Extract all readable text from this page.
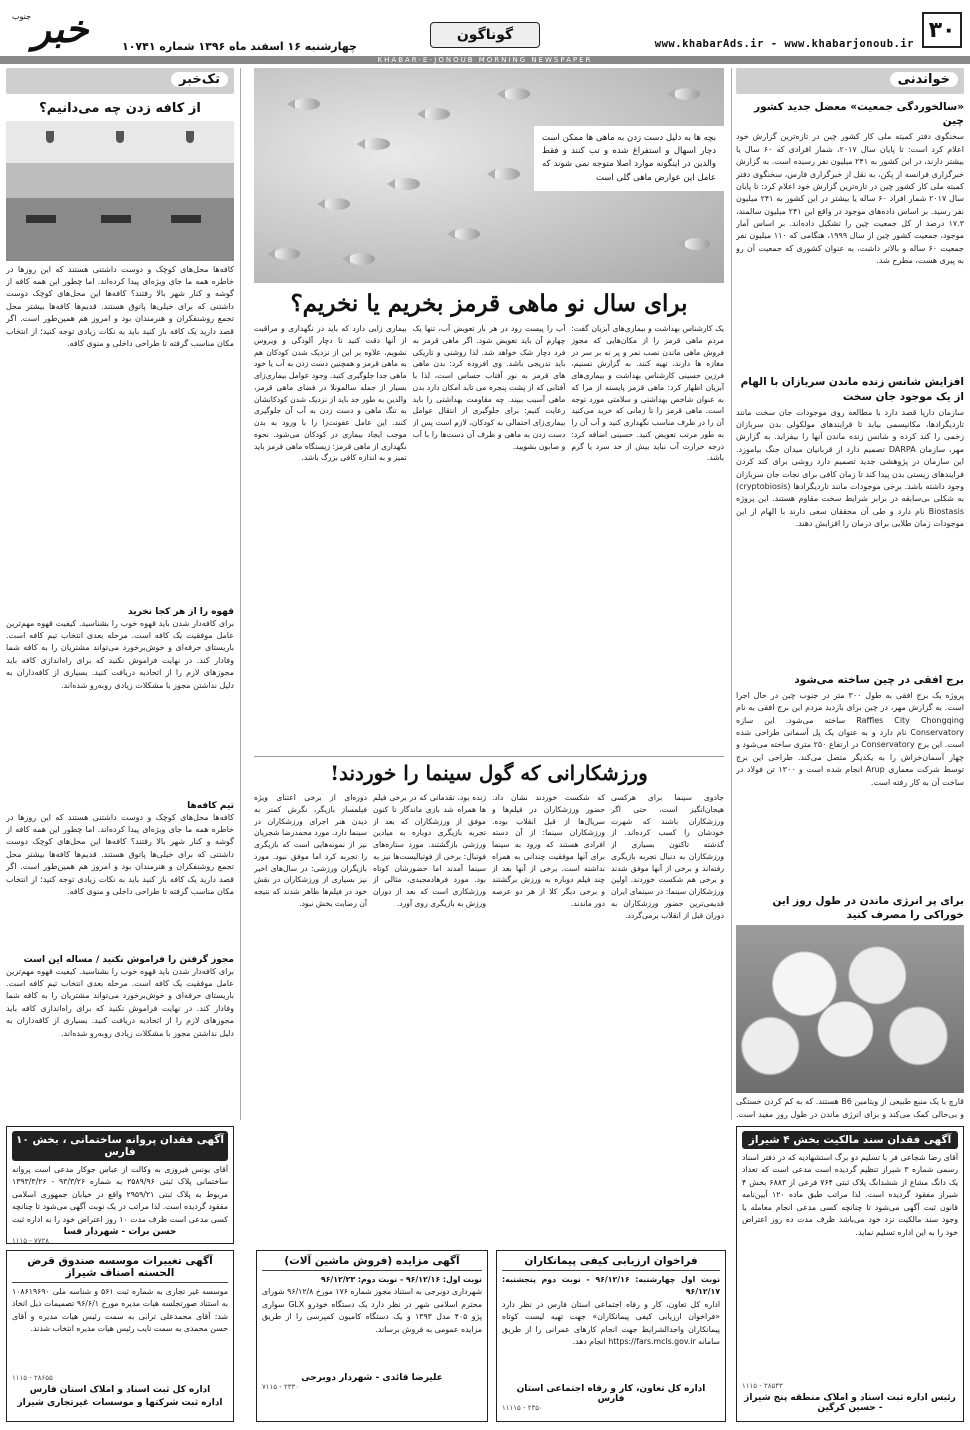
۳۰
www.khabarAds.ir - www.khabarjonoub.ir
گوناگون
چهارشنبه ۱۶ اسفند ماه ۱۳۹۶ شماره ۱۰۷۴۱
خبر
جنوب
KHABAR-E-JONOUB MORNING NEWSPAPER
خواندنی
«سالخوردگی جمعیت» معضل جدید کشور چین
سخنگوی دفتر کمیته ملی کار کشور چین در تازه‌ترین گزارش خود اعلام کرد است: تا پایان سال ۲۰۱۷، شمار افرادی که ۶۰ سال یا بیشتر دارند، در این کشور به ۲۴۱ میلیون نفر رسیده است. به گزارش خبرگزاری فرانسه از پکن، به نقل از خبرگزاری فارس، سخنگوی دفتر کمیته ملی کار کشور چین در تازه‌ترین گزارش خود اعلام کرد: تا پایان سال ۲۰۱۷ شمار افراد ۶۰ ساله یا بیشتر در این کشور به ۲۴۱ میلیون نفر رسید. بر اساس داده‌های موجود در واقع این ۲۴۱ میلیون سالمند، ۱۷.۳ درصد از کل جمعیت چین را تشکیل داده‌اند. بر اساس آمار موجود، جمعیت کشور چین از سال ۱۹۹۹، هنگامی که ۱۱۰ میلیون نفر جمعیت ۶۰ ساله و بالاتر داشت، به عنوان کشوری که جمعیت آن رو به پیری هست، مطرح شد.
افزایش شانس زنده ماندن سربازان با الهام از یک موجود جان سخت
سازمان دارپا قصد دارد با مطالعه روی موجودات جان سخت مانند تاردیگرادها، مکانیسمی بیابد تا فرایندهای مولکولی بدن سربازان زخمی را کند کرده و شانس زنده ماندن آنها را بیفزاید. به گزارش مهر، سازمان DARPA تصمیم دارد از قربانیان میدان جنگ بیاموزد. این سازمان در پژوهشی جدید تصمیم دارد روشی برای کند کردن فرایندهای زیستی بدن پیدا کند تا زمان کافی برای نجات جان سربازان وجود داشته باشد. برخی موجودات مانند تاردیگرادها (cryptobiosis) به شکلی بی‌سابقه در برابر شرایط سخت مقاوم هستند. این پروژه Biostasis نام دارد و طی آن محققان سعی دارند با الهام از این موجودات زمان طلایی برای درمان را افزایش دهند.
برج افقی در چین ساخته می‌شود
پروژه یک برج افقی به طول ۳۰۰ متر در جنوب چین در حال اجرا است. به گزارش مهر، در چین برای بازدید مردم این برج افقی به نام Raffles City Chongqing ساخته می‌شود. این سازه Conservatory نام دارد و به عنوان یک پل آسمانی طراحی شده است. این برج Conservatory در ارتفاع ۲۵۰ متری ساخته می‌شود و چهار آسمان‌خراش را به یکدیگر متصل می‌کند. طراحی این برج توسط شرکت معماری Arup انجام شده است و ۱۳۰۰ تن فولاد در ساخت آن به کار رفته است.
برای پر انرژی ماندن در طول روز این خوراکی را مصرف کنید
قارچ با یک منبع طبیعی از ویتامین B6 هستند. که به کم کردن خستگی و بی‌حالی کمک می‌کند و برای انرژی ماندن در طول روز مفید است.
بچه ها به دلیل دست زدن به ماهی ها ممکن است دچار اسهال و استفراغ شده و تب کنند و فقط والدین در اینگونه موارد اصلا متوجه نمی شوند که عامل این عوارض ماهی گلی است
برای سال نو ماهی قرمز بخریم یا نخریم؟
یک کارشناس بهداشت و بیماری‌های آبزیان گفت: مردم ماهی قرمز را از مکان‌هایی که مجوز فروش ماهی ماندن نصب نمر و پر نه بر سر در مغازه ها دارند، تهیه کنند. به گزارش تسنیم، فرزین حسینی کارشناس بهداشت و بیماری‌های آبزیان اظهار کرد: ماهی قرمز پایسته از مرا که به عنوان شاخص بهداشتی و سلامتی مورد توجه است. ماهی قرمز را تا زمانی که خرید می‌کنید آن را در ظرف مناسب نگهداری کنید و آب آن را به طور مرتب تعویض کنید. حسینی اضافه کرد: درجه حرارت آب نباید بیش از حد سرد یا گرم باشد.
آب را پیست رود در هر بار تعویض آب، تنها یک چهارم آن باید تعویض شود. اگر ماهی قرمز به فرد دچار شک خواهد شد. لذا روشنی و تاریکی باید تدریجی باشد. وی افزوده کرد: بدن ماهی های قرمز به نور آفتاب حساس است، لذا با آفتابی که از پشت پنجره می تابد امکان دارد بدن ماهی آسیب ببیند. چه مقاومت بهداشتی را باید رعایت کنیم: برای جلوگیری از انتقال عوامل بیماری‌زای احتمالی به کودکان، لازم است پس از دست زدن به ماهی و ظرف آن دست‌ها را با آب و صابون بشویید.
بیماری زایی دارد که باید در نگهداری و مراقبت از آنها دقت کنید تا دچار آلودگی و ویروس نشویم، علاوه بر این از نزدیک شدن کودکان هم به ماهی قرمز و همچنین دست زدن به آب یا خود ماهی جدا جلوگیری کنید. وجود عوامل بیماری‌زای بسیار از جمله سالمونلا در فضای ماهی قرمز، والدین به طور جد باید از نزدیک شدن کودکانشان به تنگ ماهی و دست زدن به آب آن جلوگیری کنند. این عامل عفونت‌زا را با ورود به بدن موجب ایجاد بیماری در کودکان می‌شود. نحوه نگهداری از ماهی قرمز: زیستگاه ماهی قرمز باید تمیز و به اندازه کافی بزرگ باشد.
ورزشکارانی که گول سینما را خوردند!
جادوی سینما برای هرکسی هیجان‌انگیز است، حتی اگر ورزشکاران باشند که شهرت خودشان را کسب کرده‌اند. از گذشته تاکنون بسیاری از ورزشکاران به دنبال تجربه بازیگری رفته‌اند و برخی از آنها موفق شدند و برخی هم شکست خوردند. اولین ورزشکاران سینما: در سینمای ایران قدیمی‌ترین حضور ورزشکاران به دوران قبل از انقلاب برمی‌گردد.
که شکست خوردند نشان داد. حضور ورزشکاران در فیلم‌ها و سریال‌ها از قبل انقلاب بوده. ورزشکاران سینما: از آن دسته افرادی هستند که ورود به سینما برای آنها موفقیت چندانی به همراه نداشته است. برخی از آنها بعد از چند فیلم دوباره به ورزش برگشتند و برخی دیگر کلا از هر دو عرصه دور ماندند.
زنده بود، تقدماتی که در برخی فیلم ها همراه شد بازی ماندگار تا کنون موفق از ورزشکاران که بعد از تجربه بازیگری دوباره به میادین ورزشی بازگشتند. مورد ستاره‌های فوتبال: برخی از فوتبالیست‌ها نیز به سینما آمدند اما حضورشان کوتاه بود. مورد فرهادمجیدی، مثالی از ورزشکاری است که بعد از دوران ورزش به بازیگری روی آورد.
دوره‌ای از برخی اعتنای ویژه فیلمساز بازیگر، نگرش کمتر به دیدن هنر اجرای ورزشکاران در سینما دارد. مورد محمدرضا شجریان نیز از نمونه‌هایی است که بازیگری را تجربه کرد اما موفق نبود. مورد بازیگران ورزشی: در سال‌های اخیر نیز بسیاری از ورزشکاران در نقش خود در فیلم‌ها ظاهر شدند که نتیجه آن رضایت بخش نبود.
تک‌خبر
از کافه زدن چه می‌دانیم؟
کافه‌ها محل‌های کوچک و دوست داشتنی هستند که این روزها در خاطره همه ما جای ویژه‌ای پیدا کرده‌اند. اما چطور این همه کافه از گوشه و کنار شهر بالا رفتند؟ کافه‌ها این محل‌های کوچک دوست داشتنی که برای خیلی‌ها پاتوق هستند. قدیم‌ها کافه‌ها بیشتر محل تجمع روشنفکران و هنرمندان بود و امروز هم همین‌طور است. اگر قصد دارید یک کافه باز کنید باید به نکات زیادی توجه کنید؛ از انتخاب مکان مناسب گرفته تا طراحی داخلی و منوی کافه.
قهوه را از هر کجا نخرید
برای کافه‌دار شدن باید قهوه خوب را بشناسید. کیفیت قهوه مهم‌ترین عامل موفقیت یک کافه است. مرحله بعدی انتخاب تیم کافه است. باریستای حرفه‌ای و خوش‌برخورد می‌تواند مشتریان را به کافه شما وفادار کند. در نهایت فراموش نکنید که برای راه‌اندازی کافه باید مجوزهای لازم را از اتحادیه دریافت کنید. بسیاری از کافه‌داران به دلیل نداشتن مجوز با مشکلات زیادی روبه‌رو شده‌اند.
تیم کافه‌ها
کافه‌ها محل‌های کوچک و دوست داشتنی هستند که این روزها در خاطره همه ما جای ویژه‌ای پیدا کرده‌اند. اما چطور این همه کافه از گوشه و کنار شهر بالا رفتند؟ کافه‌ها این محل‌های کوچک دوست داشتنی که برای خیلی‌ها پاتوق هستند. قدیم‌ها کافه‌ها بیشتر محل تجمع روشنفکران و هنرمندان بود و امروز هم همین‌طور است. اگر قصد دارید یک کافه باز کنید باید به نکات زیادی توجه کنید؛ از انتخاب مکان مناسب گرفته تا طراحی داخلی و منوی کافه.
مجوز گرفتن را فراموش نکنید / مساله این است
برای کافه‌دار شدن باید قهوه خوب را بشناسید. کیفیت قهوه مهم‌ترین عامل موفقیت یک کافه است. مرحله بعدی انتخاب تیم کافه است. باریستای حرفه‌ای و خوش‌برخورد می‌تواند مشتریان را به کافه شما وفادار کند. در نهایت فراموش نکنید که برای راه‌اندازی کافه باید مجوزهای لازم را از اتحادیه دریافت کنید. بسیاری از کافه‌داران به دلیل نداشتن مجوز با مشکلات زیادی روبه‌رو شده‌اند.
آگهی فقدان سند مالکیت بخش ۴ شیراز
آقای رضا شجاعی فر با تسلیم دو برگ استشهادیه که در دفتر اسناد رسمی شماره ۳ شیراز تنظیم گردیده است مدعی است که تعداد یک دانگ مشاع از ششدانگ پلاک ثبتی ۷۶۴ فرعی از ۶۸۸۳ بخش ۴ شیراز مفقود گردیده است. لذا مراتب طبق ماده ۱۲۰ آیین‌نامه قانون ثبت آگهی می‌شود تا چنانچه کسی مدعی انجام معامله یا وجود سند مالکیت نزد خود می‌باشد ظرف مدت ده روز اعتراض خود را به این اداره تسلیم نماید.
۱۱۱۵ - ۲۸۵۴۳
رئیس اداره ثبت اسناد و املاک منطقه پنج شیراز - حسین کرگین
فراخوان ارزیابی کیفی پیمانکاران
نوبت اول چهارشنبه: ۹۶/۱۲/۱۶ - نوبت دوم پنجشنبه: ۹۶/۱۲/۱۷
اداره کل تعاون، کار و رفاه اجتماعی استان فارس در نظر دارد «فراخوان ارزیابی کیفی پیمانکاران» جهت تهیه لیست کوتاه پیمانکاران واجدالشرایط جهت انجام کارهای عمرانی را از طریق سامانه https://fars.mcls.gov.ir انجام دهد.
اداره کل تعاون، کار و رفاه اجتماعی استان فارس
۱۱۱۱۵ - ۲۳۵۰
آگهی مزایده (فروش ماشین آلات)
نوبت اول: ۹۶/۱۲/۱۶ - نوبت دوم: ۹۶/۱۲/۲۳
شهرداری دوبرجی به استناد مجوز شماره ۱۷۶ مورخ ۹۶/۱۲/۸ شورای محترم اسلامی شهر در نظر دارد یک دستگاه خودرو GLX سواری پژو ۴۰۵ مدل ۱۳۹۳ و یک دستگاه کامیون کمپرسی را از طریق مزایده عمومی به فروش برساند.
علیرضا قائدی - شهردار دوبرجی
۷۱۱۵ - ۲۳۳۰
آگهی فقدان پروانه ساختمانی ، بخش ۱۰ فارس
آقای یونس فیروزی به وکالت از عباس جوکار مدعی است پروانه ساختمانی پلاک ثبتی ۲۵۸۹/۹۶ به شماره ۹۳/۳/۲۶ - ۱۳۹۳/۳/۲۶ مربوط به پلاک ثبتی ۲۹۵۹/۲۱ واقع در خیابان جمهوری اسلامی مفقود گردیده است. لذا مراتب در یک نوبت آگهی می‌شود تا چنانچه کسی مدعی است ظرف مدت ۱۰ روز اعتراض خود را به اداره ثبت
حسن برات - شهردار فسا
۱۱۱۵ - ۷۷۲۸
آگهی تغییرات موسسه صندوق قرض الحسنه اصناف شیراز
موسسه غیر تجاری به شماره ثبت ۵۶۱ و شناسه ملی ۱۰۸۶۱۹۶۹۰ به استناد صورتجلسه هیات مدیره مورخ ۹۶/۶/۱ تصمیمات ذیل اتخاذ شد: آقای محمدعلی ترابی به سمت رئیس هیات مدیره و آقای حسن محمدی به سمت نایب رئیس هیات مدیره انتخاب شدند.
۱۱۱۵ - ۲۸۶۵۵
اداره کل ثبت اسناد و املاک استان فارس
اداره ثبت شرکتها و موسسات غیرتجاری شیراز
